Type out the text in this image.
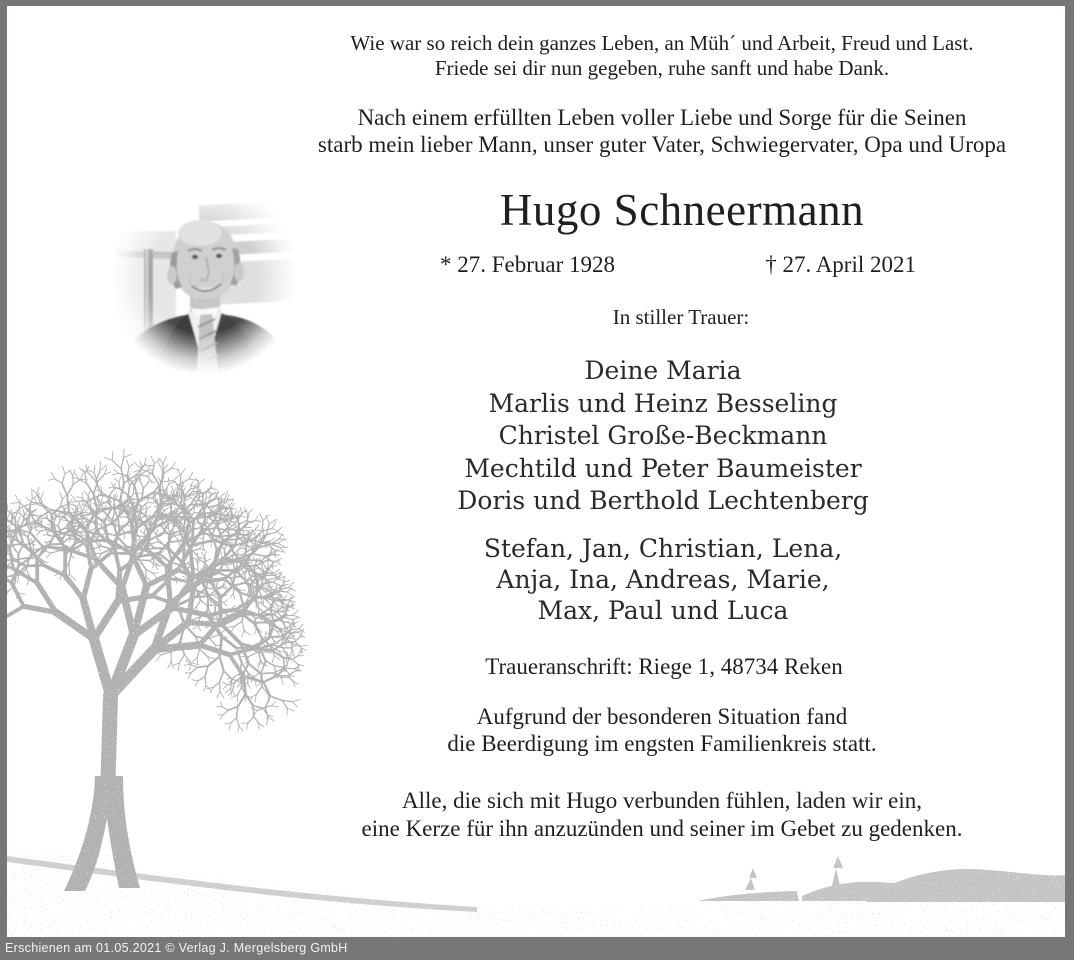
Wie war so reich dein ganzes Leben, an Müh´ und Arbeit, Freud und Last.
Friede sei dir nun gegeben, ruhe sanft und habe Dank.
Nach einem erfüllten Leben voller Liebe und Sorge für die Seinen
starb mein lieber Mann, unser guter Vater, Schwiegervater, Opa und Uropa
Hugo Schneermann
* 27. Februar 1928	† 27. April 2021
In stiller Trauer:
Deine Maria
Marlis und Heinz Besseling
Christel Große-Beckmann
Mechtild und Peter Baumeister
Doris und Berthold Lechtenberg
Stefan, Jan, Christian, Lena,
Anja, Ina, Andreas, Marie,
Max, Paul und Luca
Traueranschrift: Riege 1, 48734 Reken
Aufgrund der besonderen Situation fand
die Beerdigung im engsten Familienkreis statt.
Alle, die sich mit Hugo verbunden fühlen, laden wir ein,
eine Kerze für ihn anzuzünden und seiner im Gebet zu gedenken.
Erschienen am 01.05.2021 © Verlag J. Mergelsberg GmbH
